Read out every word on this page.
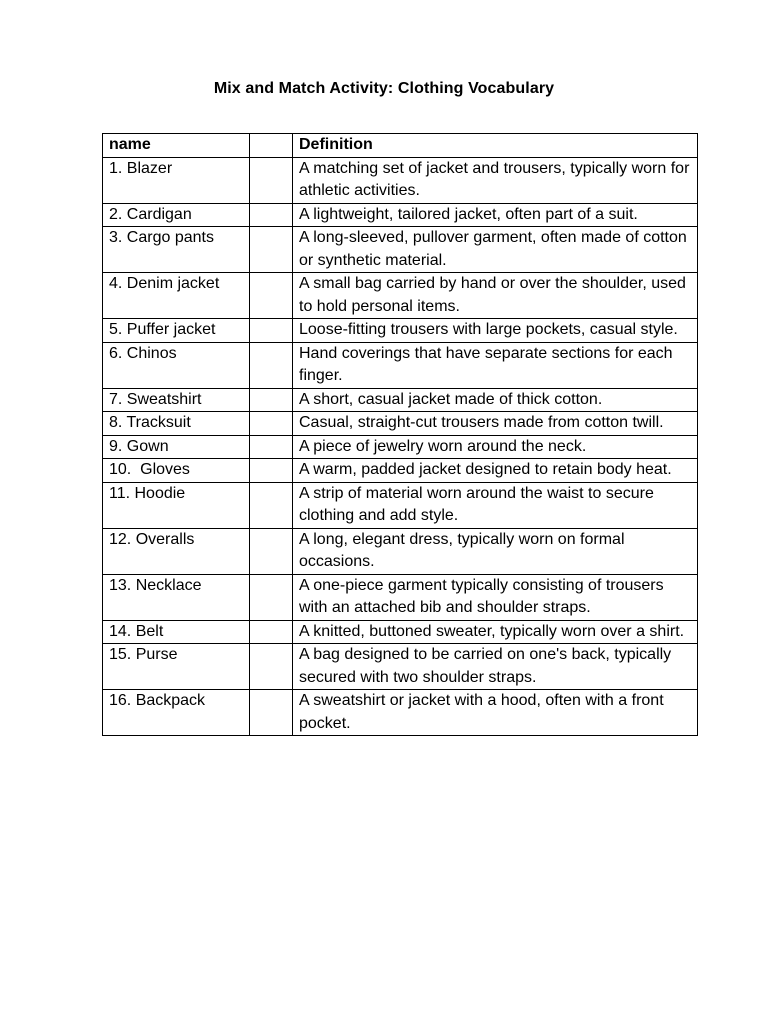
Mix and Match Activity: Clothing Vocabulary
name		Definition
1. Blazer		A matching set of jacket and trousers, typically worn for athletic activities.
2. Cardigan		A lightweight, tailored jacket, often part of a suit.
3. Cargo pants		A long-sleeved, pullover garment, often made of cotton or synthetic material.
4. Denim jacket		A small bag carried by hand or over the shoulder, used to hold personal items.
5. Puffer jacket		Loose-fitting trousers with large pockets, casual style.
6. Chinos		Hand coverings that have separate sections for each finger.
7. Sweatshirt		A short, casual jacket made of thick cotton.
8. Tracksuit		Casual, straight-cut trousers made from cotton twill.
9. Gown		A piece of jewelry worn around the neck.
10.  Gloves		A warm, padded jacket designed to retain body heat.
11. Hoodie		A strip of material worn around the waist to secure clothing and add style.
12. Overalls		A long, elegant dress, typically worn on formal occasions.
13. Necklace		A one-piece garment typically consisting of trousers with an attached bib and shoulder straps.
14. Belt		A knitted, buttoned sweater, typically worn over a shirt.
15. Purse		A bag designed to be carried on one's back, typically secured with two shoulder straps.
16. Backpack		A sweatshirt or jacket with a hood, often with a front pocket.
